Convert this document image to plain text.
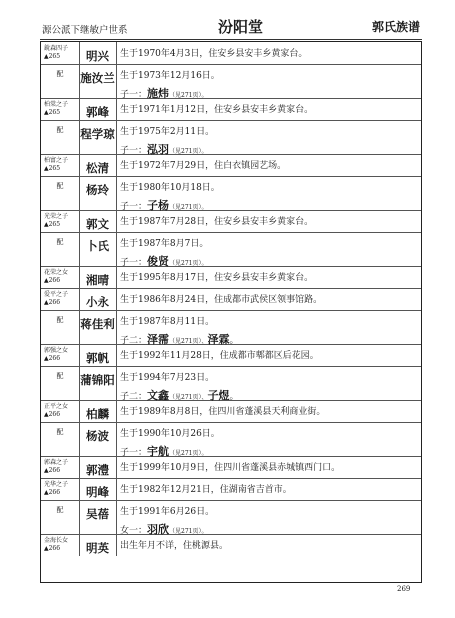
源公派下继敏户世系	汾阳堂	郭氏族谱
銳森四子
▲265	明兴	生于1970年4月3日，住安乡县安丰乡黄家台。
配	施汝兰 生于1973年12月16日。
子一：施炜（见271页）。
柏棠之子
▲265	郭峰	生于1971年1月12日，住安乡县安丰乡黄家台。
配	程学琼 生于1975年2月11日。
子一：泓羽（见271页）。
柏富之子
▲265	松清	生于1972年7月29日，住白衣镇园艺场。
配	杨玲	生于1980年10月18日。
子一：子杨（见271页）。
光荣之子
▲265	郭文	生于1987年7月28日，住安乡县安丰乡黄家台。
配	卜氏	生于1987年8月7日。
子一：俊贤（见271页）。
花荣之女
▲266	湘晴	生于1995年8月17日，住安乡县安丰乡黄家台。
爱平之子
▲266	小永	生于1986年8月24日，住成都市武侯区领事馆路。
配	蒋佳利 生于1987年8月11日。
子二：泽霈（见271页）、泽霖。
郭强之女
▲266	郭帆	生于1992年11月28日，住成都市郫都区后花园。
配	蒲锦阳 生于1994年7月23日。
子二：文鑫（见271页）、子煜。
正平之女
▲266	柏麟	生于1989年8月8日，住四川省蓬溪县天利商业街。
配	杨波	生于1990年10月26日。
子一：宇航（见271页）。
郭森之子
▲266	郭澧	生于1999年10月9日，住四川省蓬溪县赤城镇西门口。
光华之子
▲266	明峰	生于1982年12月21日，住湖南省吉首市。
配	吴蓓	生于1991年6月26日。
女一：羽欣（见271页）。
金海长女
▲266	明英	出生年月不详，住桃源县。
269
